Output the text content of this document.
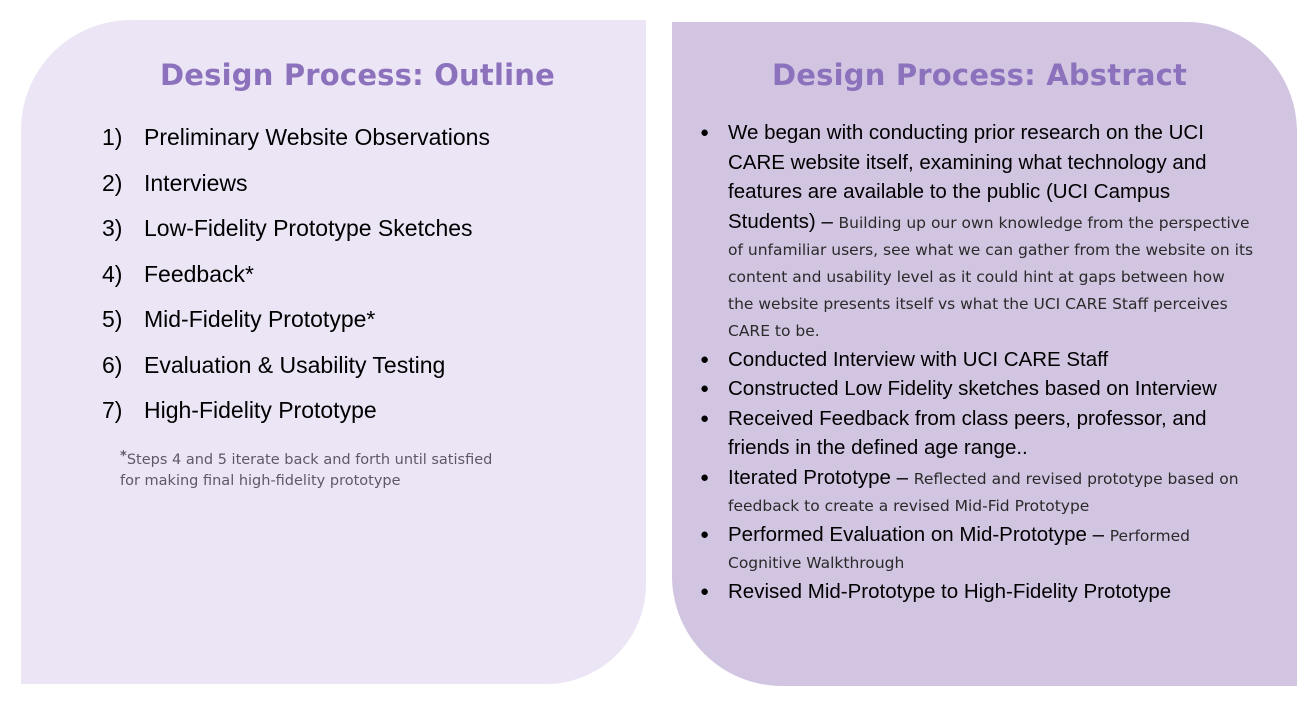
Design Process: Outline
1) Preliminary Website Observations
2) Interviews
3) Low-Fidelity Prototype Sketches
4) Feedback*
5) Mid-Fidelity Prototype*
6) Evaluation & Usability Testing
7) High-Fidelity Prototype
*Steps 4 and 5 iterate back and forth until satisfied for making final high-fidelity prototype
Design Process: Abstract
● We began with conducting prior research on the UCI CARE website itself, examining what technology and features are available to the public (UCI Campus Students) – Building up our own knowledge from the perspective of unfamiliar users, see what we can gather from the website on its content and usability level as it could hint at gaps between how the website presents itself vs what the UCI CARE Staff perceives CARE to be.
● Conducted Interview with UCI CARE Staff
● Constructed Low Fidelity sketches based on Interview
● Received Feedback from class peers, professor, and friends in the defined age range..
● Iterated Prototype – Reflected and revised prototype based on feedback to create a revised Mid-Fid Prototype
● Performed Evaluation on Mid-Prototype – Performed Cognitive Walkthrough
● Revised Mid-Prototype to High-Fidelity Prototype
